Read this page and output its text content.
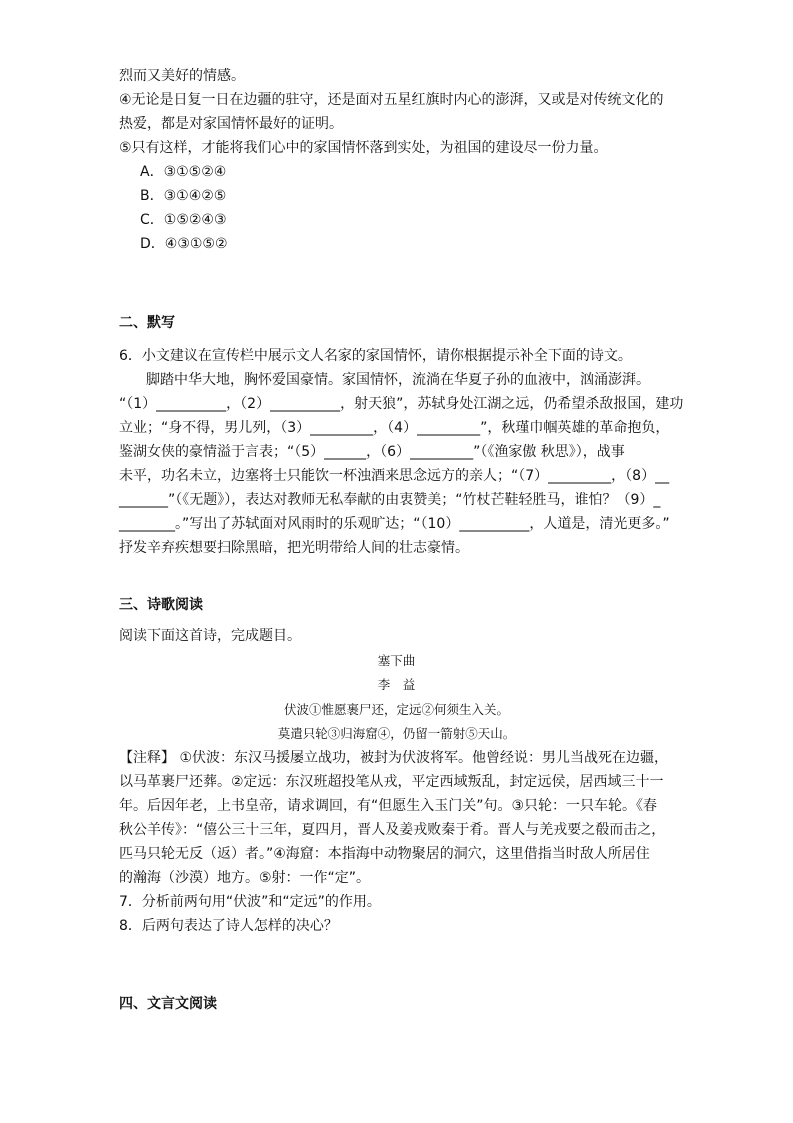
烈而又美好的情感。
④无论是日复一日在边疆的驻守，还是面对五星红旗时内心的澎湃，又或是对传统文化的
热爱，都是对家国情怀最好的证明。
⑤只有这样，才能将我们心中的家国情怀落到实处，为祖国的建设尽一份力量。
A．③①⑤②④
B．③①④②⑤
C．①⑤②④③
D．④③①⑤②
二、默写
6．小文建议在宣传栏中展示文人名家的家国情怀，请你根据提示补全下面的诗文。
脚踏中华大地，胸怀爱国豪情。家国情怀，流淌在华夏子孙的血液中，汹涌澎湃。
“（1）__________，（2）__________，射天狼”，苏轼身处江湖之远，仍希望杀敌报国，建功
立业；“身不得，男儿列，（3）_________，（4）_________”，秋瑾巾帼英雄的革命抱负，
鉴湖女侠的豪情溢于言表；“（5）______，（6）_________”（《渔家傲 秋思》），战事
未平，功名未立，边塞将士只能饮一杯浊酒来思念远方的亲人；“（7）_________，（8）__
_______”（《无题》），表达对教师无私奉献的由衷赞美；“竹杖芒鞋轻胜马，谁怕？（9）_
________。”写出了苏轼面对风雨时的乐观旷达；“（10）__________，人道是，清光更多。”
抒发辛弃疾想要扫除黑暗，把光明带给人间的壮志豪情。
三、诗歌阅读
阅读下面这首诗，完成题目。
塞下曲
李　益
伏波①惟愿裹尸还，定远②何须生入关。
莫遣只轮③归海窟④，仍留一箭射⑤天山。
【注释】 ①伏波：东汉马援屡立战功，被封为伏波将军。他曾经说：男儿当战死在边疆，
以马革裹尸还葬。②定远：东汉班超投笔从戎，平定西域叛乱，封定远侯，居西域三十一
年。后因年老，上书皇帝，请求调回，有“但愿生入玉门关”句。③只轮：一只车轮。《春
秋公羊传》：“僖公三十三年，夏四月，晋人及姜戎败秦于肴。晋人与羌戎要之殽而击之，
匹马只轮无反（返）者。”④海窟：本指海中动物聚居的洞穴，这里借指当时敌人所居住
的瀚海（沙漠）地方。⑤射：一作“定”。
7．分析前两句用“伏波”和“定远”的作用。
8．后两句表达了诗人怎样的决心？
四、文言文阅读
